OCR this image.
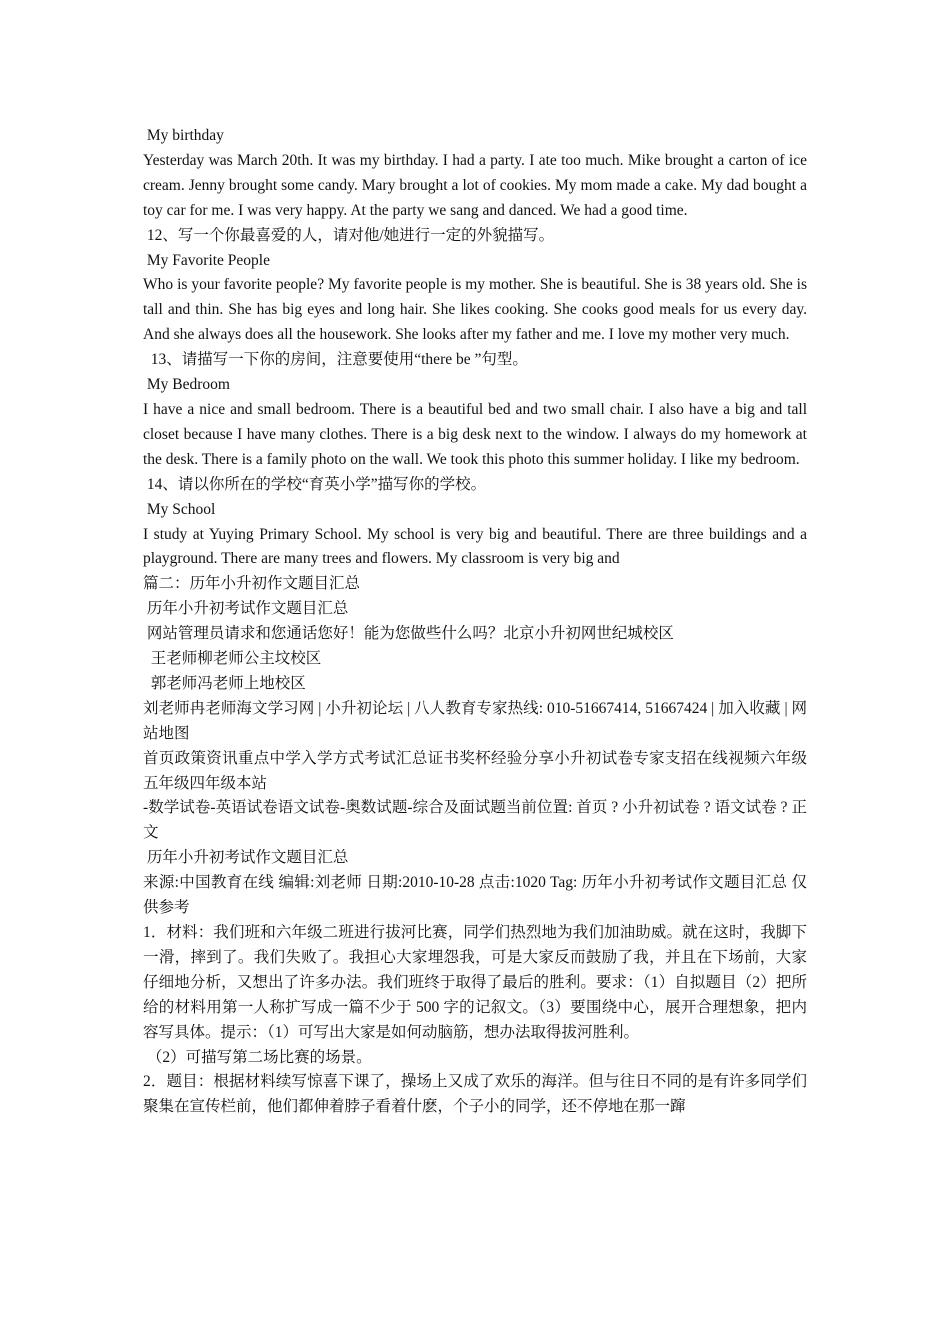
My birthday
Yesterday was March 20th. It was my birthday. I had a party. I ate too much. Mike brought a carton of ice cream. Jenny brought some candy. Mary brought a lot of cookies. My mom made a cake. My dad bought a toy car for me. I was very happy. At the party we sang and danced. We had a good time.
12、写一个你最喜爱的人，请对他/她进行一定的外貌描写。
My Favorite People
Who is your favorite people? My favorite people is my mother. She is beautiful. She is 38 years old. She is tall and thin. She has big eyes and long hair. She likes cooking. She cooks good meals for us every day. And she always does all the housework. She looks after my father and me. I love my mother very much.
13、请描写一下你的房间，注意要使用“there be ”句型。
My Bedroom
I have a nice and small bedroom. There is a beautiful bed and two small chair. I also have a big and tall closet because I have many clothes. There is a big desk next to the window. I always do my homework at the desk. There is a family photo on the wall. We took this photo this summer holiday. I like my bedroom.
14、请以你所在的学校“育英小学”描写你的学校。
My School
I study at Yuying Primary School. My school is very big and beautiful. There are three buildings and a playground. There are many trees and flowers. My classroom is very big and
篇二：历年小升初作文题目汇总
历年小升初考试作文题目汇总
网站管理员请求和您通话您好！能为您做些什么吗？北京小升初网世纪城校区
王老师柳老师公主坟校区
郭老师冯老师上地校区
刘老师冉老师海文学习网 | 小升初论坛 | 八人教育专家热线: 010-51667414, 51667424 | 加入收藏 | 网站地图
首页政策资讯重点中学入学方式考试汇总证书奖杯经验分享小升初试卷专家支招在线视频六年级五年级四年级本站
-数学试卷-英语试卷语文试卷-奥数试题-综合及面试题当前位置: 首页 ? 小升初试卷 ? 语文试卷 ? 正文
历年小升初考试作文题目汇总
来源:中国教育在线 编辑:刘老师 日期:2010-10-28 点击:1020 Tag: 历年小升初考试作文题目汇总 仅供参考
1．材料：我们班和六年级二班进行拔河比赛，同学们热烈地为我们加油助威。就在这时，我脚下一滑，摔到了。我们失败了。我担心大家埋怨我，可是大家反而鼓励了我，并且在下场前，大家仔细地分析，又想出了许多办法。我们班终于取得了最后的胜利。要求：（1）自拟题目（2）把所给的材料用第一人称扩写成一篇不少于 500 字的记叙文。（3）要围绕中心，展开合理想象，把内容写具体。提示：（1）可写出大家是如何动脑筋，想办法取得拔河胜利。
（2）可描写第二场比赛的场景。
2．题目：根据材料续写惊喜下课了，操场上又成了欢乐的海洋。但与往日不同的是有许多同学们聚集在宣传栏前，他们都伸着脖子看着什麽，个子小的同学，还不停地在那一蹿
